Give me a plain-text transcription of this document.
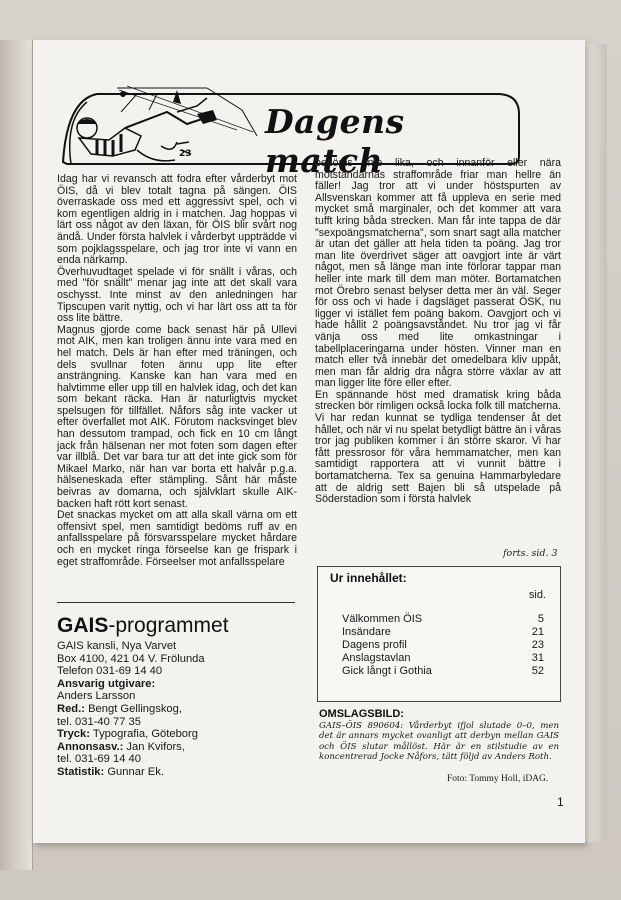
23
Dagens match

Idag har vi revansch att fodra efter vårderbyt mot ÖIS, då vi blev totalt tagna på sängen. ÖIS överraskade oss med ett aggressivt spel, och vi kom egentligen aldrig in i matchen. Jag hoppas vi lärt oss något av den läxan, för ÖIS blir svårt nog ändå. Under första halvlek i vårderbyt uppträdde vi som pojklagsspelare, och jag tror inte vi vann en enda närkamp.

Överhuvudtaget spelade vi för snällt i våras, och med "för snällt" menar jag inte att det skall vara oschysst. Inte minst av den anledningen har Tipscupen varit nyttig, och vi har lärt oss att ta för oss lite bättre.

Magnus gjorde come back senast här på Ullevi mot AIK, men kan troligen ännu inte vara med en hel match. Dels är han efter med träningen, och dels svullnar foten ännu upp lite efter ansträngning. Kanske kan han vara med en halvtimme eller upp till en halvlek idag, och det kan som bekant räcka. Han är naturligtvis mycket spelsugen för tillfället. Nåfors såg inte vacker ut efter överfallet mot AIK. Förutom nacksvinget blev han dessutom trampad, och fick en 10 cm långt jack från hälsenan ner mot foten som dagen efter var illblå. Det var bara tur att det inte gick som för Mikael Marko, när han var borta ett halvår p.g.a. hälseneskada efter stämpling. Sånt här måste beivras av domarna, och självklart skulle AIK-backen haft rött kort senast.

Det snackas mycket om att alla skall värna om ett offensivt spel, men samtidigt bedöms ruff av en anfallsspelare på försvarsspelare mycket hårdare och en mycket ringa förseelse kan ge frispark i eget straffområde. Förseelser mot anfallsspelare

bedöms inte lika, och innanför eller nära motståndarnas straffområde friar man hellre än fäller! Jag tror att vi under höstspurten av Allsvenskan kommer att få uppleva en serie med mycket små marginaler, och det kommer att vara tufft kring båda strecken. Man får inte tappa de där "sexpoängsmatcherna", som snart sagt alla matcher är utan det gäller att hela tiden ta poäng. Jag tror man lite överdrivet säger att oavgjort inte är värt något, men så länge man inte förlorar tappar man heller inte mark till dem man möter. Bortamatchen mot Örebro senast belyser detta mer än väl. Seger för oss och vi hade i dagsläget passerat ÖSK, nu ligger vi istället fem poäng bakom. Oavgjort och vi hade hållit 2 poängsavståndet. Nu tror jag vi får vänja oss med lite omkastningar i tabellplaceringarna under hösten. Vinner man en match eller två innebär det omedelbara kliv uppåt, men man får aldrig dra några större växlar av att man ligger lite före eller efter.

En spännande höst med dramatisk kring båda strecken bör rimligen också locka folk till matcherna. Vi har redan kunnat se tydliga tendenser åt det hållet, och när vi nu spelat betydligt bättre än i våras tror jag publiken kommer i än större skaror. Vi har fått pressrosor för våra hemmamatcher, men kan samtidigt rapportera att vi vunnit bättre i bortamatcherna. Tex sa genuina Hammarbyledare att de aldrig sett Bajen bli så utspelade på Söderstadion som i första halvlek

forts. sid. 3
GAIS-programmet
GAIS kansli, Nya Varvet
Box 4100, 421 04 V. Frölunda
Telefon 031-69 14 40
Ansvarig utgivare:
Anders Larsson
Red.: Bengt Gellingskog,
tel. 031-40 77 35
Tryck: Typografia, Göteborg
Annonsasv.: Jan Kvifors,
tel. 031-69 14 40
Statistik: Gunnar Ek.
Ur innehållet:
sid.
Välkommen ÖIS	5
Insändare	21
Dagens profil	23
Anslagstavlan	31
Gick långt i Gothia	52
OMSLAGSBILD:
GAIS–ÖIS 890604: Vårderbyt ifjol slutade 0–0, men det är annars mycket ovanligt att derbyn mellan GAIS och ÖIS slutar mållöst. Här är en stilstudie av en koncentrerad Jocke Nåfors, tätt följd av Anders Roth.
Foto: Tommy Holl, iDAG.
1
